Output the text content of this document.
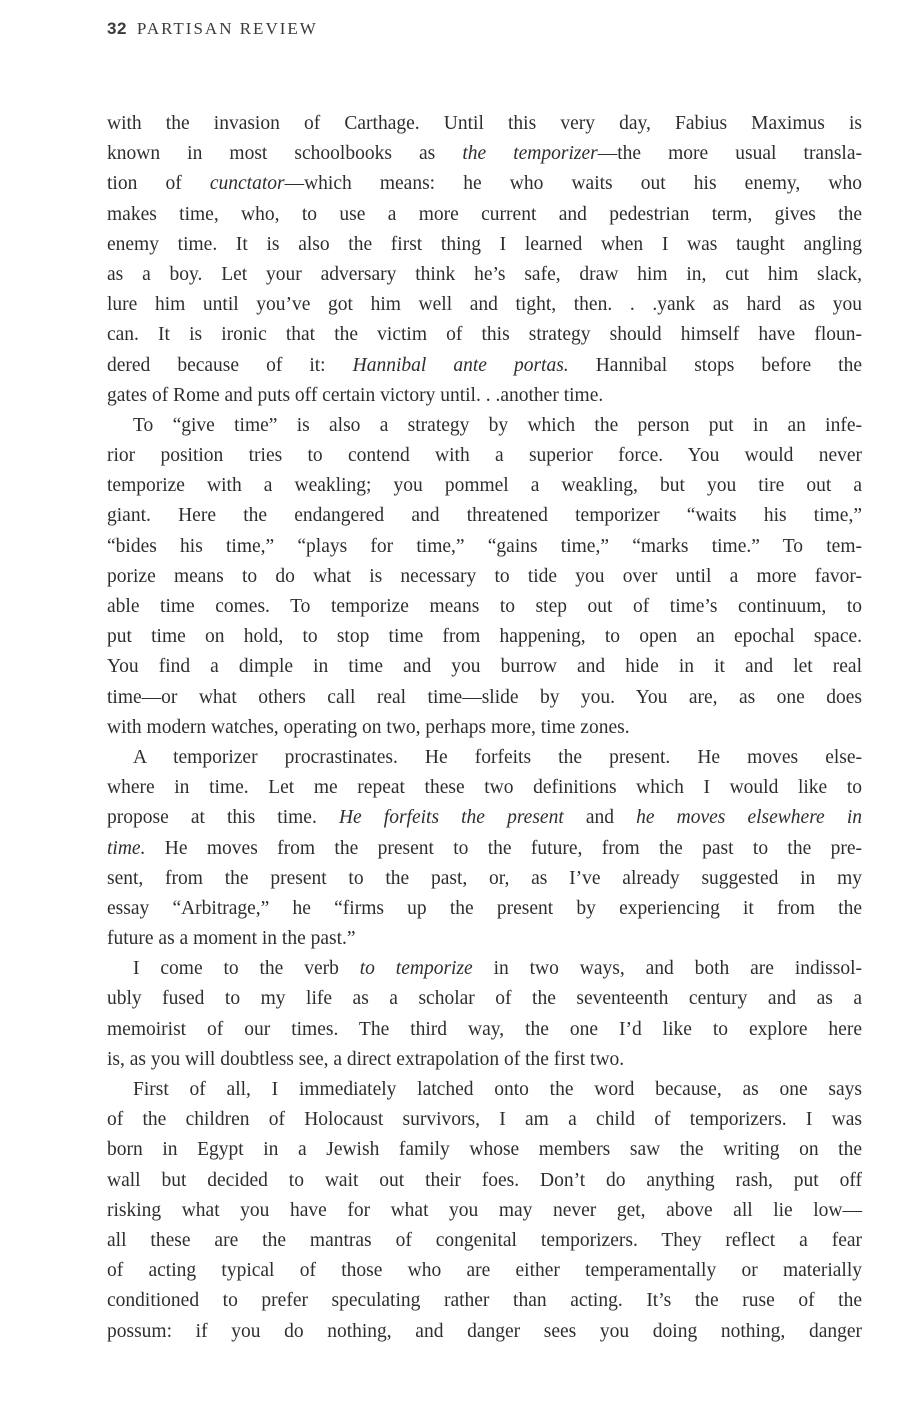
32 PARTISAN REVIEW
with the invasion of Carthage. Until this very day, Fabius Maximus is
known in most schoolbooks as the temporizer—the more usual transla-
tion of cunctator—which means: he who waits out his enemy, who
makes time, who, to use a more current and pedestrian term, gives the
enemy time. It is also the first thing I learned when I was taught angling
as a boy. Let your adversary think he’s safe, draw him in, cut him slack,
lure him until you’ve got him well and tight, then. . .yank as hard as you
can. It is ironic that the victim of this strategy should himself have floun-
dered because of it: Hannibal ante portas. Hannibal stops before the
gates of Rome and puts off certain victory until. . .another time.
To “give time” is also a strategy by which the person put in an infe-
rior position tries to contend with a superior force. You would never
temporize with a weakling; you pommel a weakling, but you tire out a
giant. Here the endangered and threatened temporizer “waits his time,”
“bides his time,” “plays for time,” “gains time,” “marks time.” To tem-
porize means to do what is necessary to tide you over until a more favor-
able time comes. To temporize means to step out of time’s continuum, to
put time on hold, to stop time from happening, to open an epochal space.
You find a dimple in time and you burrow and hide in it and let real
time—or what others call real time—slide by you. You are, as one does
with modern watches, operating on two, perhaps more, time zones.
A temporizer procrastinates. He forfeits the present. He moves else-
where in time. Let me repeat these two definitions which I would like to
propose at this time. He forfeits the present and he moves elsewhere in
time. He moves from the present to the future, from the past to the pre-
sent, from the present to the past, or, as I’ve already suggested in my
essay “Arbitrage,” he “firms up the present by experiencing it from the
future as a moment in the past.”
I come to the verb to temporize in two ways, and both are indissol-
ubly fused to my life as a scholar of the seventeenth century and as a
memoirist of our times. The third way, the one I’d like to explore here
is, as you will doubtless see, a direct extrapolation of the first two.
First of all, I immediately latched onto the word because, as one says
of the children of Holocaust survivors, I am a child of temporizers. I was
born in Egypt in a Jewish family whose members saw the writing on the
wall but decided to wait out their foes. Don’t do anything rash, put off
risking what you have for what you may never get, above all lie low—
all these are the mantras of congenital temporizers. They reflect a fear
of acting typical of those who are either temperamentally or materially
conditioned to prefer speculating rather than acting. It’s the ruse of the
possum: if you do nothing, and danger sees you doing nothing, danger
